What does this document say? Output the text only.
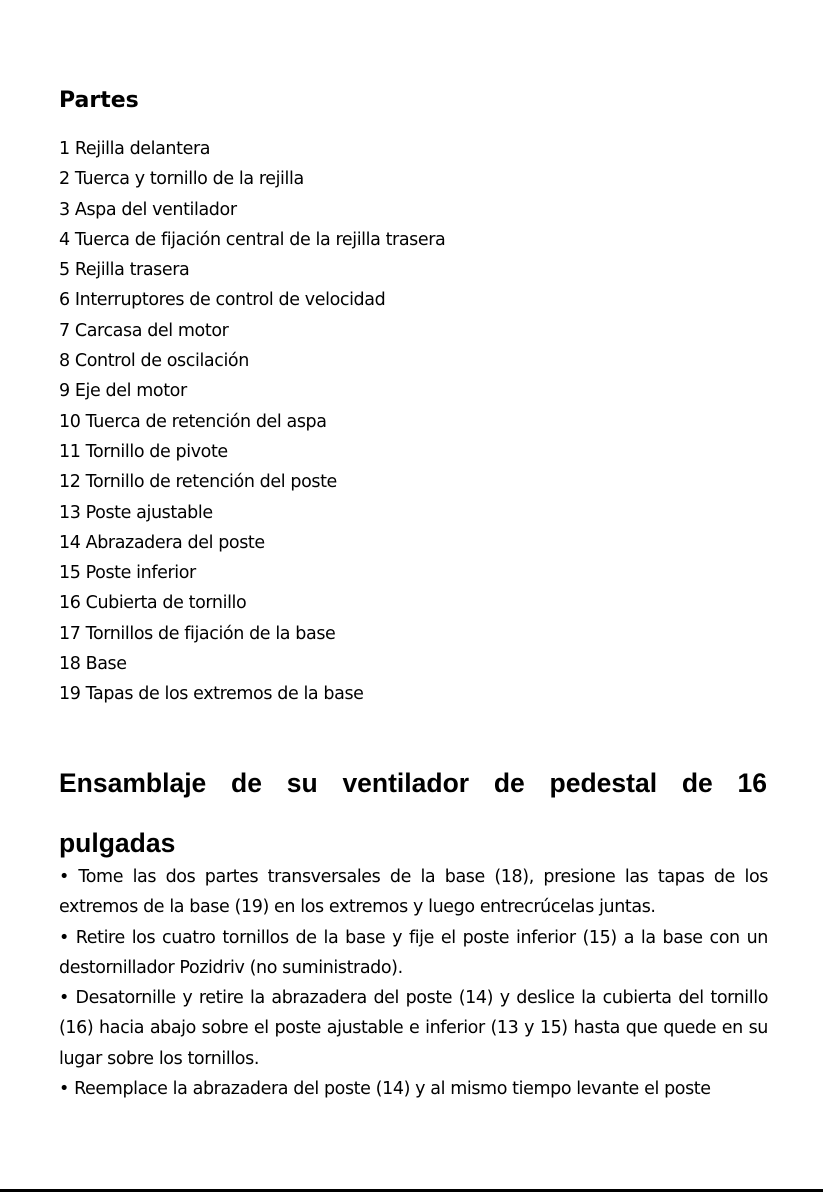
Partes
1 Rejilla delantera
2 Tuerca y tornillo de la rejilla
3 Aspa del ventilador
4 Tuerca de fijación central de la rejilla trasera
5 Rejilla trasera
6 Interruptores de control de velocidad
7 Carcasa del motor
8 Control de oscilación
9 Eje del motor
10 Tuerca de retención del aspa
11 Tornillo de pivote
12 Tornillo de retención del poste
13 Poste ajustable
14 Abrazadera del poste
15 Poste inferior
16 Cubierta de tornillo
17 Tornillos de fijación de la base
18 Base
19 Tapas de los extremos de la base
Ensamblaje de su ventilador de pedestal de 16
pulgadas

• Tome las dos partes transversales de la base (18), presione las tapas de los extremos de la base (19) en los extremos y luego entrecrúcelas juntas.

• Retire los cuatro tornillos de la base y fije el poste inferior (15) a la base con un destornillador Pozidriv (no suministrado).

• Desatornille y retire la abrazadera del poste (14) y deslice la cubierta del tornillo (16) hacia abajo sobre el poste ajustable e inferior (13 y 15) hasta que quede en su lugar sobre los tornillos.

• Reemplace la abrazadera del poste (14) y al mismo tiempo levante el poste
